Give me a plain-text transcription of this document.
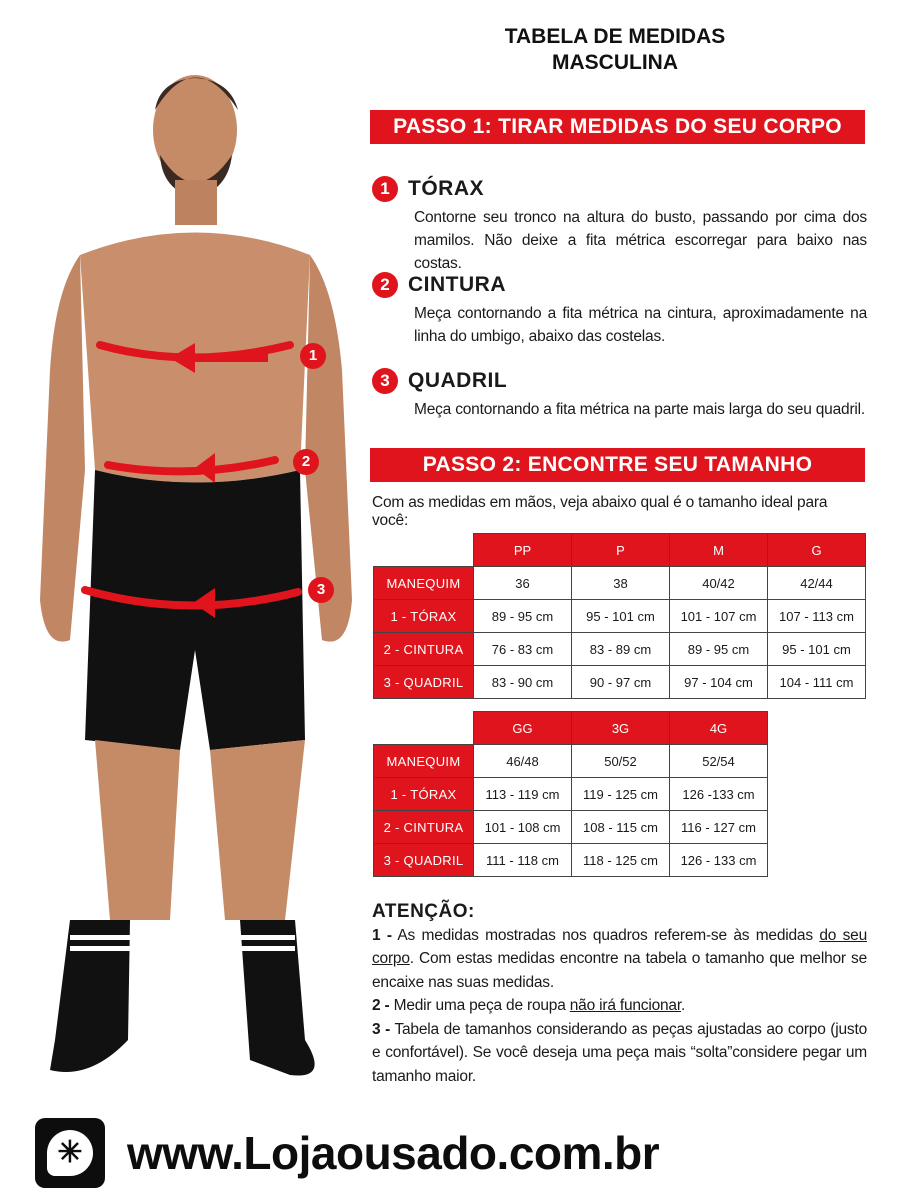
1
2
3
TABELA DE MEDIDAS
MASCULINA
PASSO 1: TIRAR MEDIDAS DO SEU CORPO
1 TÓRAX

Contorne seu tronco na altura do busto, passando por cima dos mamilos. Não deixe a fita métrica escorregar para baixo nas costas.

2 CINTURA

Meça contornando a fita métrica na cintura, aproximadamente na linha do umbigo, abaixo das costelas.

3 QUADRIL

Meça contornando a fita métrica na parte mais larga do seu quadril.

PASSO 2: ENCONTRE SEU TAMANHO
Com as medidas em mãos, veja abaixo qual é o tamanho ideal para você:
	PP	P	M	G
MANEQUIM	36	38	40/42	42/44
1 - TÓRAX	89 - 95 cm	95 - 101 cm	101 - 107 cm	107 - 113 cm
2 - CINTURA	76 - 83 cm	83 - 89 cm	89 - 95 cm	95 - 101 cm
3 - QUADRIL	83 - 90 cm	90 - 97 cm	97 - 104 cm	104 - 111 cm
	GG	3G	4G
MANEQUIM	46/48	50/52	52/54
1 - TÓRAX	113 - 119 cm	119 - 125 cm	126 -133 cm
2 - CINTURA	101 - 108 cm	108 - 115 cm	116 - 127 cm
3 - QUADRIL	111 - 118 cm	118 - 125 cm	126 - 133 cm
ATENÇÃO:

1 - As medidas mostradas nos quadros referem-se às medidas do seu corpo. Com estas medidas encontre na tabela o tamanho que melhor se encaixe nas suas medidas.

2 - Medir uma peça de roupa não irá funcionar.

3 - Tabela de tamanhos considerando as peças ajustadas ao corpo (justo e confortável). Se você deseja uma peça mais “solta”considere pegar um tamanho maior.

✳ www.Lojaousado.com.br
